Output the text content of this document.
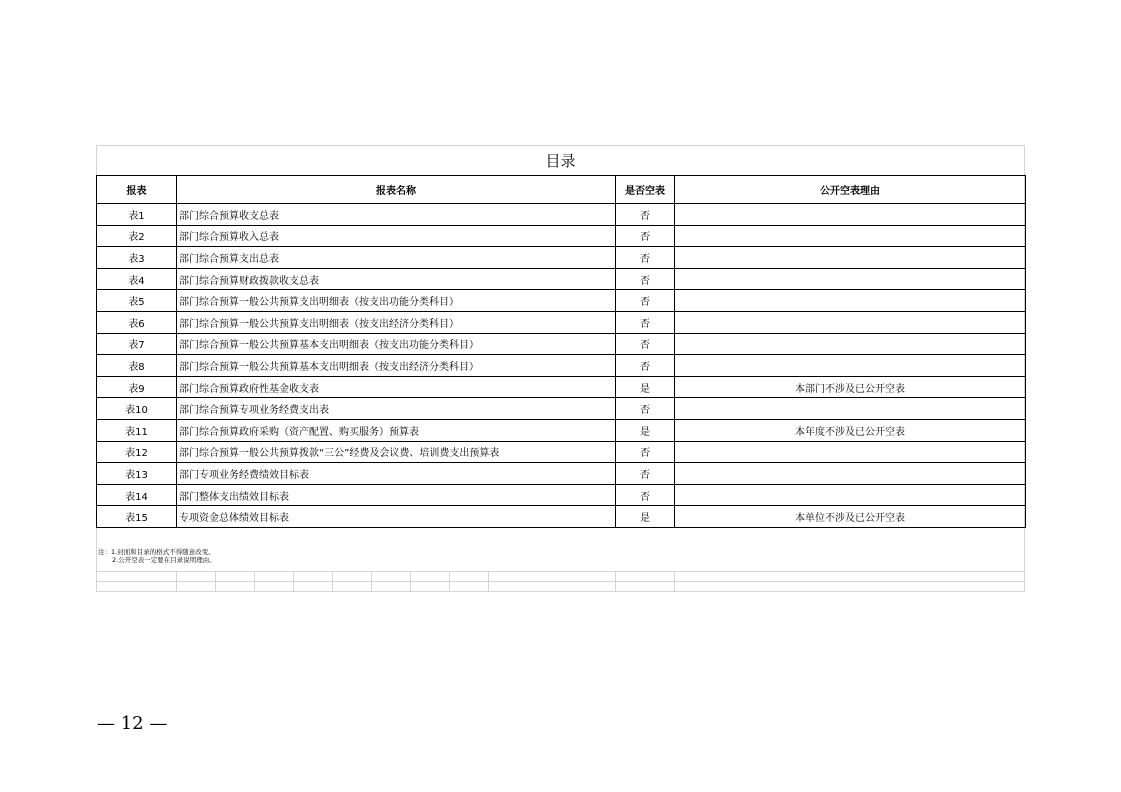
目录
报表	报表名称	是否空表	公开空表理由
表1	部门综合预算收支总表	否	
表2	部门综合预算收入总表	否	
表3	部门综合预算支出总表	否	
表4	部门综合预算财政拨款收支总表	否	
表5	部门综合预算一般公共预算支出明细表（按支出功能分类科目）	否	
表6	部门综合预算一般公共预算支出明细表（按支出经济分类科目）	否	
表7	部门综合预算一般公共预算基本支出明细表（按支出功能分类科目）	否	
表8	部门综合预算一般公共预算基本支出明细表（按支出经济分类科目）	否	
表9	部门综合预算政府性基金收支表	是	本部门不涉及已公开空表
表10	部门综合预算专项业务经费支出表	否	
表11	部门综合预算政府采购（资产配置、购买服务）预算表	是	本年度不涉及已公开空表
表12	部门综合预算一般公共预算拨款“三公”经费及会议费、培训费支出预算表	否	
表13	部门专项业务经费绩效目标表	否	
表14	部门整体支出绩效目标表	否	
表15	专项资金总体绩效目标表	是	本单位不涉及已公开空表
注：1.封面和目录的格式不得随意改变。
2.公开空表一定要在目录说明理由。
— 12 —
